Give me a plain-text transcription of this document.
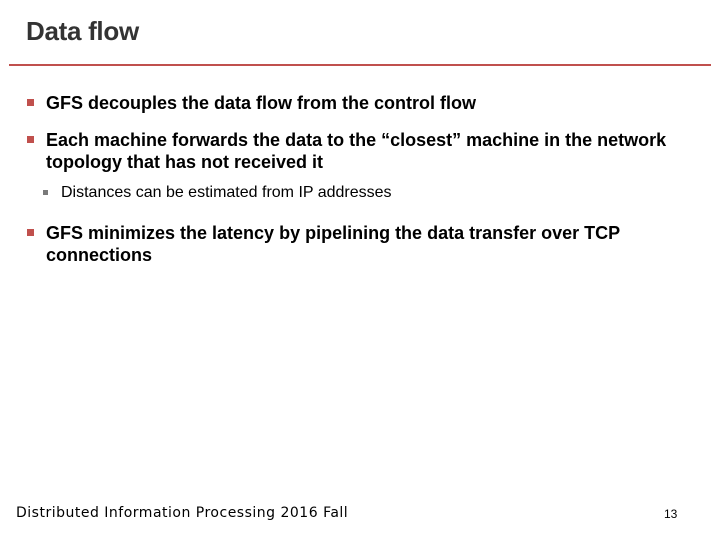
Data flow
GFS decouples the data flow from the control flow
Each machine forwards the data to the “closest” machine in the network topology that has not received it
Distances can be estimated from IP addresses
GFS minimizes the latency by pipelining the data transfer over TCP connections
Distributed Information Processing 2016 Fall	13
